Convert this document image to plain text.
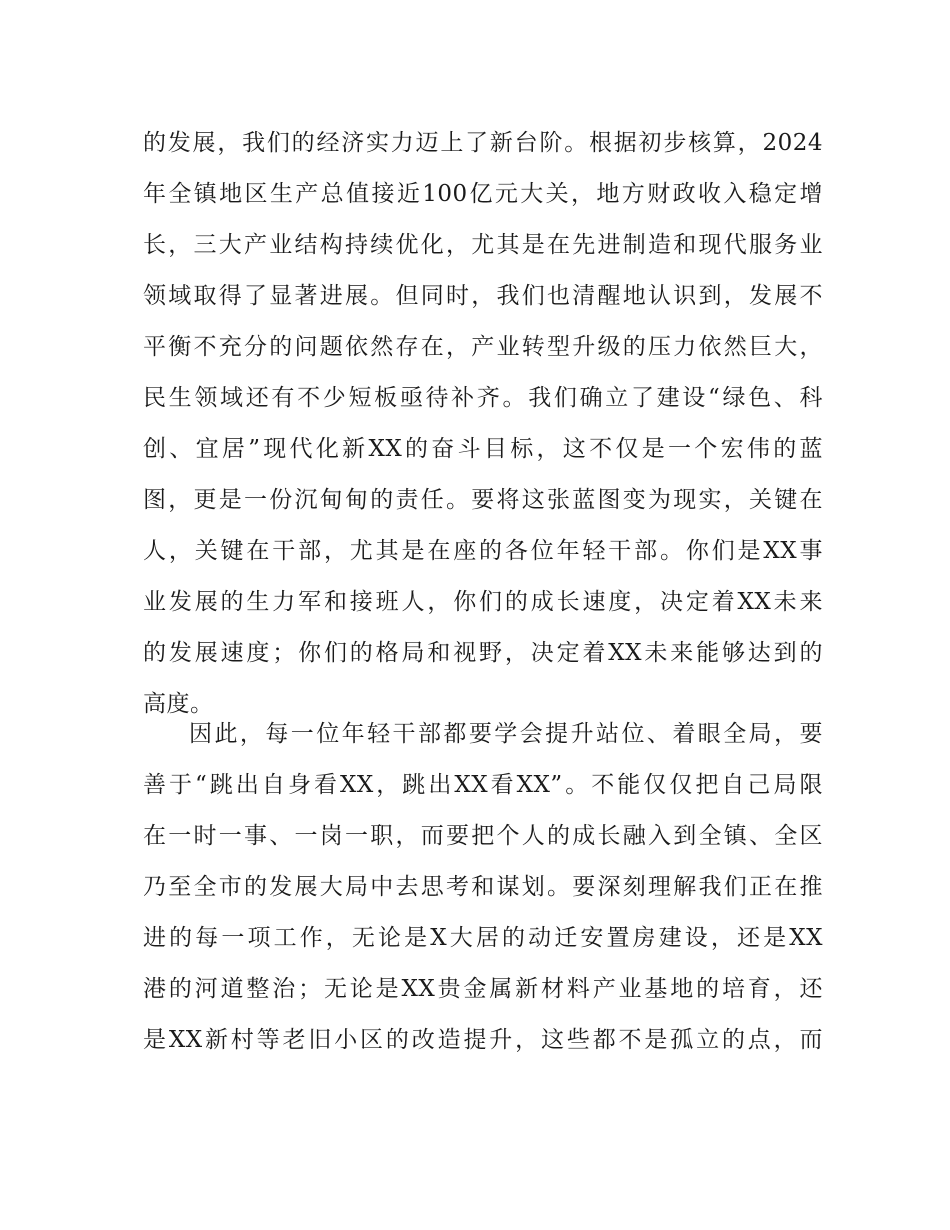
的发展，我们的经济实力迈上了新台阶。根据初步核算，2024
年全镇地区生产总值接近100亿元大关，地方财政收入稳定增
长，三大产业结构持续优化，尤其是在先进制造和现代服务业
领域取得了显著进展。但同时，我们也清醒地认识到，发展不
平衡不充分的问题依然存在，产业转型升级的压力依然巨大，
民生领域还有不少短板亟待补齐。我们确立了建设“绿色、科
创、宜居”现代化新XX的奋斗目标，这不仅是一个宏伟的蓝
图，更是一份沉甸甸的责任。要将这张蓝图变为现实，关键在
人，关键在干部，尤其是在座的各位年轻干部。你们是XX事
业发展的生力军和接班人，你们的成长速度，决定着XX未来
的发展速度；你们的格局和视野，决定着XX未来能够达到的
高度。
因此，每一位年轻干部都要学会提升站位、着眼全局，要
善于“跳出自身看XX，跳出XX看XX”。不能仅仅把自己局限
在一时一事、一岗一职，而要把个人的成长融入到全镇、全区
乃至全市的发展大局中去思考和谋划。要深刻理解我们正在推
进的每一项工作，无论是X大居的动迁安置房建设，还是XX
港的河道整治；无论是XX贵金属新材料产业基地的培育，还
是XX新村等老旧小区的改造提升，这些都不是孤立的点，而
